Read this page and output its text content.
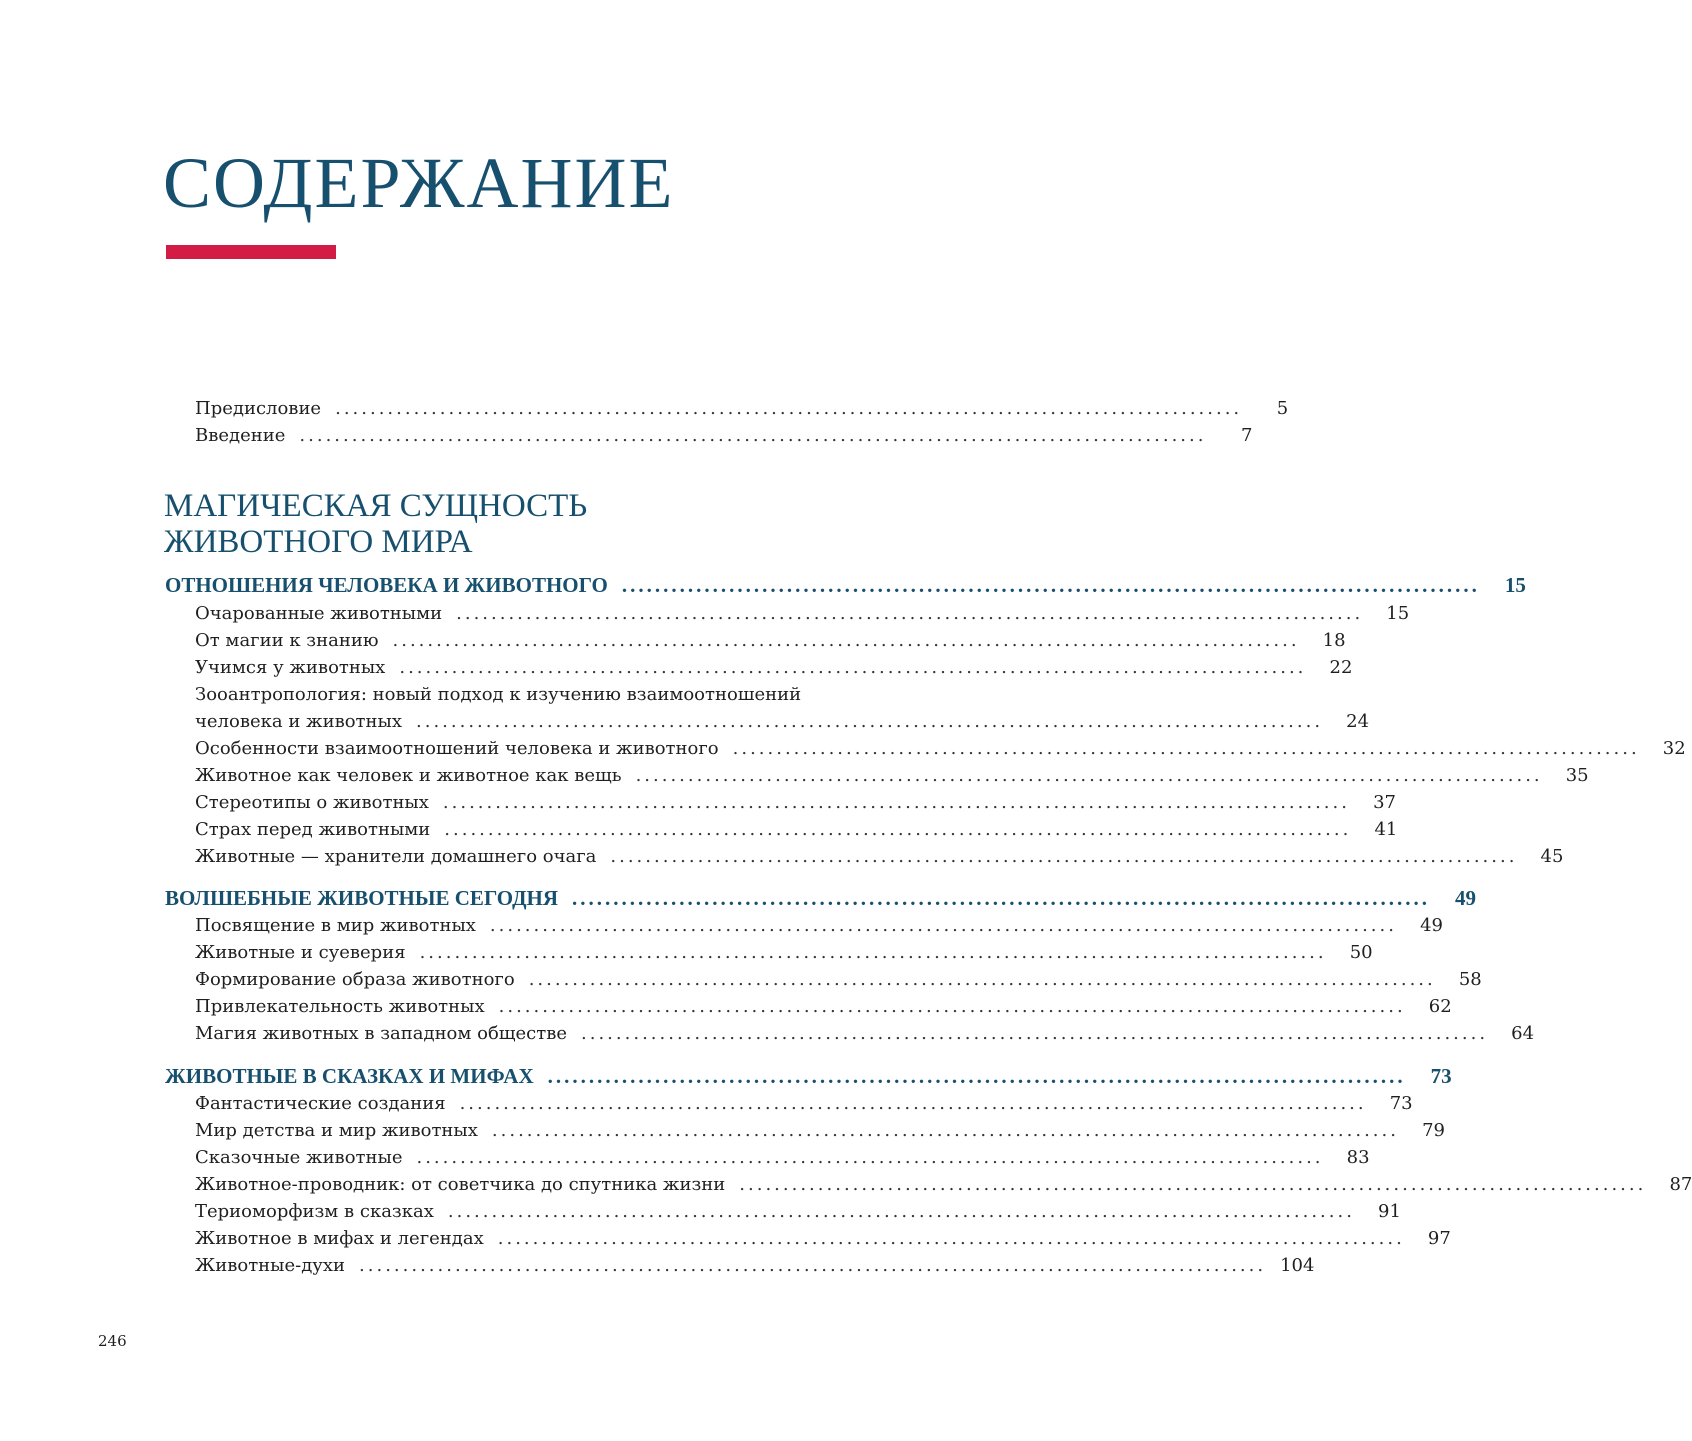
СОДЕРЖАНИЕ
Предисловие ........................................................................................................	5
Введение ........................................................................................................	7
МАГИЧЕСКАЯ СУЩНОСТЬ
ЖИВОТНОГО МИРА
ОТНОШЕНИЯ ЧЕЛОВЕКА И ЖИВОТНОГО ........................................................................................................	15
Очарованные животными ........................................................................................................	15
От магии к знанию ........................................................................................................	18
Учимся у животных ........................................................................................................	22
Зооантропология: новый подход к изучению взаимоотношений
человека и животных ........................................................................................................	24
Особенности взаимоотношений человека и животного ........................................................................................................	32
Животное как человек и животное как вещь ........................................................................................................	35
Стереотипы о животных ........................................................................................................	37
Страх перед животными ........................................................................................................	41
Животные — хранители домашнего очага ........................................................................................................	45
ВОЛШЕБНЫЕ ЖИВОТНЫЕ СЕГОДНЯ ........................................................................................................	49
Посвящение в мир животных ........................................................................................................	49
Животные и суеверия ........................................................................................................	50
Формирование образа животного ........................................................................................................	58
Привлекательность животных ........................................................................................................	62
Магия животных в западном обществе ........................................................................................................	64
ЖИВОТНЫЕ В СКАЗКАХ И МИФАХ ........................................................................................................	73
Фантастические создания ........................................................................................................	73
Мир детства и мир животных ........................................................................................................	79
Сказочные животные ........................................................................................................	83
Животное-проводник: от советчика до спутника жизни ........................................................................................................	87
Териоморфизм в сказках ........................................................................................................	91
Животное в мифах и легендах ........................................................................................................	97
Животные-духи ........................................................................................................ 104
246
